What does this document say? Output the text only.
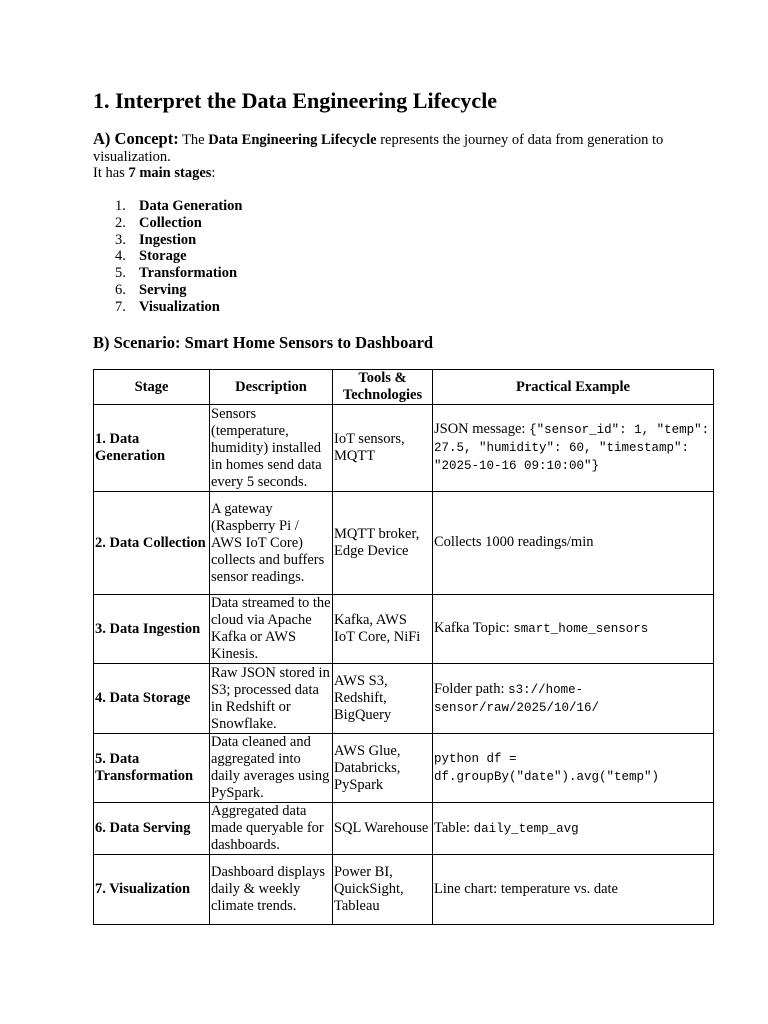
1. Interpret the Data Engineering Lifecycle

A) Concept: The Data Engineering Lifecycle represents the journey of data from generation to visualization.

It has 7 main stages:

1. Data Generation
2. Collection
3. Ingestion
4. Storage
5. Transformation
6. Serving
7. Visualization
B) Scenario: Smart Home Sensors to Dashboard
Stage	Description	Tools & Technologies	Practical Example
1. Data Generation	Sensors (temperature, humidity) installed in homes send data every 5 seconds.	IoT sensors, MQTT	JSON message: {"sensor_id": 1, "temp": 27.5, "humidity": 60, "timestamp": "2025-10-16 09:10:00"}
2. Data Collection	A gateway (Raspberry Pi / AWS IoT Core) collects and buffers sensor readings.	MQTT broker, Edge Device	Collects 1000 readings/min
3. Data Ingestion	Data streamed to the cloud via Apache Kafka or AWS Kinesis.	Kafka, AWS IoT Core, NiFi	Kafka Topic: smart_home_sensors
4. Data Storage	Raw JSON stored in S3; processed data in Redshift or Snowflake.	AWS S3, Redshift, BigQuery	Folder path: s3://home-sensor/raw/2025/10/16/
5. Data Transformation	Data cleaned and aggregated into daily averages using PySpark.	AWS Glue, Databricks, PySpark	python df = df.groupBy("date").avg("temp")
6. Data Serving	Aggregated data made queryable for dashboards.	SQL Warehouse	Table: daily_temp_avg
7. Visualization	Dashboard displays daily & weekly climate trends.	Power BI, QuickSight, Tableau	Line chart: temperature vs. date
